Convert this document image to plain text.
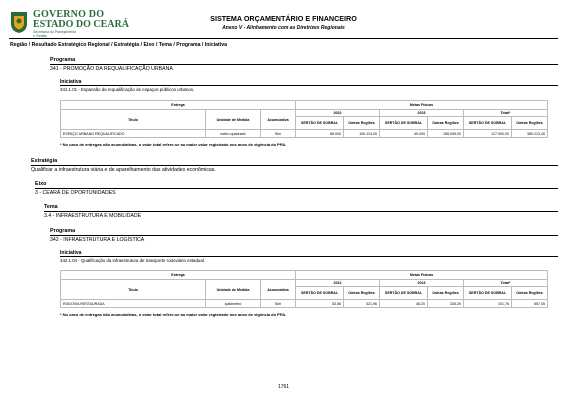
GOVERNO DO
ESTADO DO CEARÁ
Secretaria do Planejamento
e Gestão
SISTEMA ORÇAMENTÁRIO E FINANCEIRO
Anexo V - Alinhamento com as Diretrizes Regionais
Região / Resultado Estratégico Regional / Estratégia / Eixo / Tema / Programa / Iniciativa
Programa
341 - PROMOÇÃO DA REQUALIFICAÇÃO URBANA
Iniciativa
341.1.01 - Expansão da requalificação de espaços públicos urbanos.
Entrega			Metas Físicas					
Título	Unidade de Medida	Acumulativa	2022		2023		Total*	
			SERTÃO DE SOBRAL	Outras Regiões	SERTÃO DE SOBRAL	Outras Regiões	SERTÃO DE SOBRAL	Outras Regiões
ESPAÇO URBANO REQUALIFICADO	metro quadrado	Sim	68.000	190.113,00	49.000	185.099,00	117.000,00	380.213,40
* No caso de entregas não acumulativas, o valor total refere-se ao maior valor registrado nos anos de vigência do PPA.
Estratégia
Qualificar a infraestrutura viária e de aparelhamento das atividades econômicas.
Eixo
3 - CEARÁ DE OPORTUNIDADES
Tema
3.4 - INFRAESTRUTURA E MOBILIDADE
Programa
342 - INFRAESTRUTURA E LOGÍSTICA
Iniciativa
342.1.04 - Qualificação da infraestrutura de transporte rodoviário estadual.
Entrega			Metas Físicas					
Título	Unidade de Medida	Acumulativa	2022		2023		Total*	
			SERTÃO DE SOBRAL	Outras Regiões	SERTÃO DE SOBRAL	Outras Regiões	SERTÃO DE SOBRAL	Outras Regiões
RODOVIA RESTAURADA	quilômetro	Sim	53,56	321,96	48,20	335,39	101,76	657,05
* No caso de entregas não acumulativas, o valor total refere-se ao maior valor registrado nos anos de vigência do PPA.
1761
